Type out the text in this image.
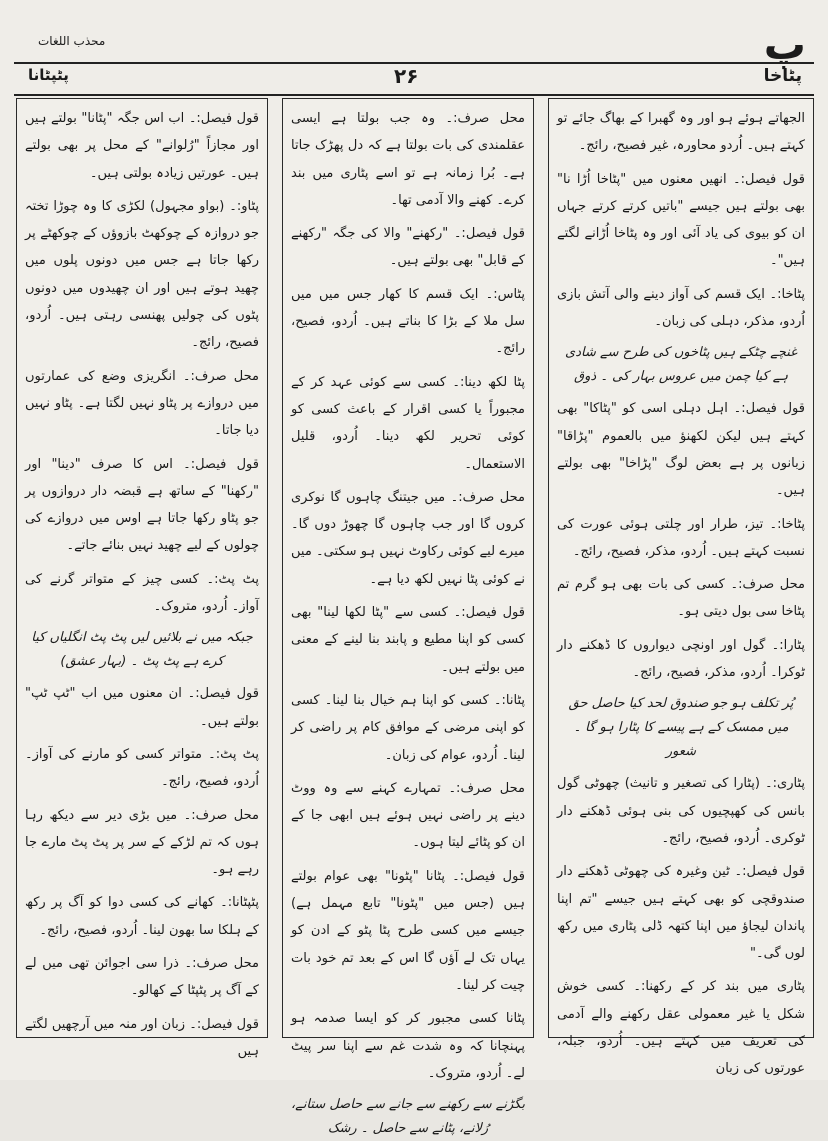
محذب اللغات	پ
پٹپٹانا	۲۶	پٹاخا

الجھاتے ہوئے ہو اور وہ گھبرا کے بھاگ جائے تو کہتے ہیں۔ اُردو محاورہ، غیر فصیح، رائج۔

قول فیصل:۔ انھیں معنوں میں "پٹاخا اُڑا نا" بھی بولتے ہیں جیسے "باتیں کرتے کرتے جہاں ان کو بیوی کی یاد آئی اور وہ پٹاخا اُڑانے لگتے ہیں"۔

پٹاخا:۔ ایک قسم کی آواز دینے والی آتش بازی اُردو، مذکر، دہلی کی زبان۔

غنچے چٹکے ہیں پٹاخوں کی طرح سے شادی ہے کیا چمن میں عروس بہار کی ۔ ذوق

قول فیصل:۔ اہل دہلی اسی کو "پٹاکا" بھی کہتے ہیں لیکن لکھنؤ میں بالعموم "پڑاقا" زبانوں پر ہے بعض لوگ "پڑاخا" بھی بولتے ہیں۔

پٹاخا:۔ تیز، طرار اور چلتی ہوئی عورت کی نسبت کہتے ہیں۔ اُردو، مذکر، فصیح، رائج۔

محل صرف:۔ کسی کی بات بھی ہو گرم تم پٹاخا سی بول دیتی ہو۔

پٹارا:۔ گول اور اونچی دیواروں کا ڈھکنے دار ٹوکرا۔ اُردو، مذکر، فصیح، رائج۔

پُر تکلف ہو جو صندوق لحد کیا حاصل حق میں ممسک کے ہے پیسے کا پٹارا ہو گا ۔ شعور

پٹاری:۔ (پٹارا کی تصغیر و تانیث) چھوٹی گول بانس کی کھپچیوں کی بنی ہوئی ڈھکنے دار ٹوکری۔ اُردو، فصیح، رائج۔

قول فیصل:۔ ٹین وغیرہ کی چھوٹی ڈھکنے دار صندوقچی کو بھی کہتے ہیں جیسے "تم اپنا پاندان لیجاؤ میں اپنا کتھہ ڈلی پٹاری میں رکھ لوں گی۔"

پٹاری میں بند کر کے رکھنا:۔ کسی خوش شکل یا غیر معمولی عقل رکھنے والے آدمی کی تعریف میں کہتے ہیں۔ اُردو، جبلہ، عورتوں کی زبان

محل صرف:۔ وہ جب بولتا ہے ایسی عقلمندی کی بات بولتا ہے کہ دل پھڑک جاتا ہے۔ بُرا زمانہ ہے تو اسے پٹاری میں بند کرے۔ کھنے والا آدمی تھا۔

قول فیصل:۔ "رکھنے" والا کی جگہ "رکھنے کے قابل" بھی بولتے ہیں۔

پٹاس:۔ ایک قسم کا کھار جس میں میں سل ملا کے بڑا کا بناتے ہیں۔ اُردو، فصیح، رائج۔

پٹا لکھ دینا:۔ کسی سے کوئی عہد کر کے مجبوراً یا کسی اقرار کے باعث کسی کو کوئی تحریر لکھ دینا۔ اُردو، قلیل الاستعمال۔

محل صرف:۔ میں جیتنگ چاہوں گا نوکری کروں گا اور جب چاہوں گا چھوڑ دوں گا۔ میرے لیے کوئی رکاوٹ نہیں ہو سکتی۔ میں نے کوئی پٹا نہیں لکھ دیا ہے۔

قول فیصل:۔ کسی سے "پٹا لکھا لینا" بھی کسی کو اپنا مطیع و پابند بنا لینے کے معنی میں بولتے ہیں۔

پٹانا:۔ کسی کو اپنا ہم خیال بنا لینا۔ کسی کو اپنی مرضی کے موافق کام پر راضی کر لینا۔ اُردو، عوام کی زبان۔

محل صرف:۔ تمہارے کہنے سے وہ ووٹ دینے پر راضی نہیں ہوئے ہیں ابھی جا کے ان کو پٹائے لیتا ہوں۔

قول فیصل:۔ پٹانا "پٹونا" بھی عوام بولتے ہیں (جس میں "پٹونا" تابع مہمل ہے) جیسے میں کسی طرح پٹا پٹو کے ادن کو یہاں تک لے آؤں گا اس کے بعد تم خود بات چیت کر لینا۔

پٹانا کسی مجبور کر کو ایسا صدمہ ہو پہنچانا کہ وہ شدت غم سے اپنا سر پیٹ لے۔ اُردو، متروک۔

بگڑنے سے رکھنے سے جانے سے حاصل ستانے، رُلانے، پٹانے سے حاصل ۔ رشک

قول فیصل:۔ اب اس جگہ "پٹانا" بولتے ہیں اور مجازاً "رُلوانے" کے محل پر بھی بولتے ہیں۔ عورتیں زیادہ بولتی ہیں۔

پٹاو:۔ (بواو مجہول) لکڑی کا وہ چوڑا تختہ جو دروازہ کے چوکھٹ بازوؤں کے چوکھٹے پر رکھا جاتا ہے جس میں دونوں پلوں میں چھید ہوتے ہیں اور ان چھیدوں میں دونوں پٹوں کی چولیں پھنسی رہتی ہیں۔ اُردو، فصیح، رائج۔

محل صرف:۔ انگریزی وضع کی عمارتوں میں دروازے پر پٹاو نہیں لگتا ہے۔ پٹاو نہیں دیا جاتا۔

قول فیصل:۔ اس کا صرف "دینا" اور "رکھنا" کے ساتھ ہے قبضہ دار دروازوں پر جو پٹاو رکھا جاتا ہے اوس میں دروازے کی چولوں کے لیے چھید نہیں بنائے جاتے۔

پٹ پٹ:۔ کسی چیز کے متواتر گرنے کی آواز۔ اُردو، متروک۔

جبکہ میں نے بلائیں لیں پٹ پٹ انگلیاں کیا کرے ہے پٹ پٹ ۔ (بہار عشق)

قول فیصل:۔ ان معنوں میں اب "ٹپ ٹپ" بولتے ہیں۔

پٹ پٹ:۔ متواتر کسی کو مارنے کی آواز۔ اُردو، فصیح، رائج۔

محل صرف:۔ میں بڑی دیر سے دیکھ رہا ہوں کہ تم لڑکے کے سر پر پٹ پٹ مارے جا رہے ہو۔

پٹپٹانا:۔ کھانے کی کسی دوا کو آگ پر رکھ کے ہلکا سا بھون لینا۔ اُردو، فصیح، رائج۔

محل صرف:۔ ذرا سی اجوائن تھی میں لے کے آگ پر پٹپٹا کے کھالو۔

قول فیصل:۔ زبان اور منہ میں آرچھیں لگتے ہیں
